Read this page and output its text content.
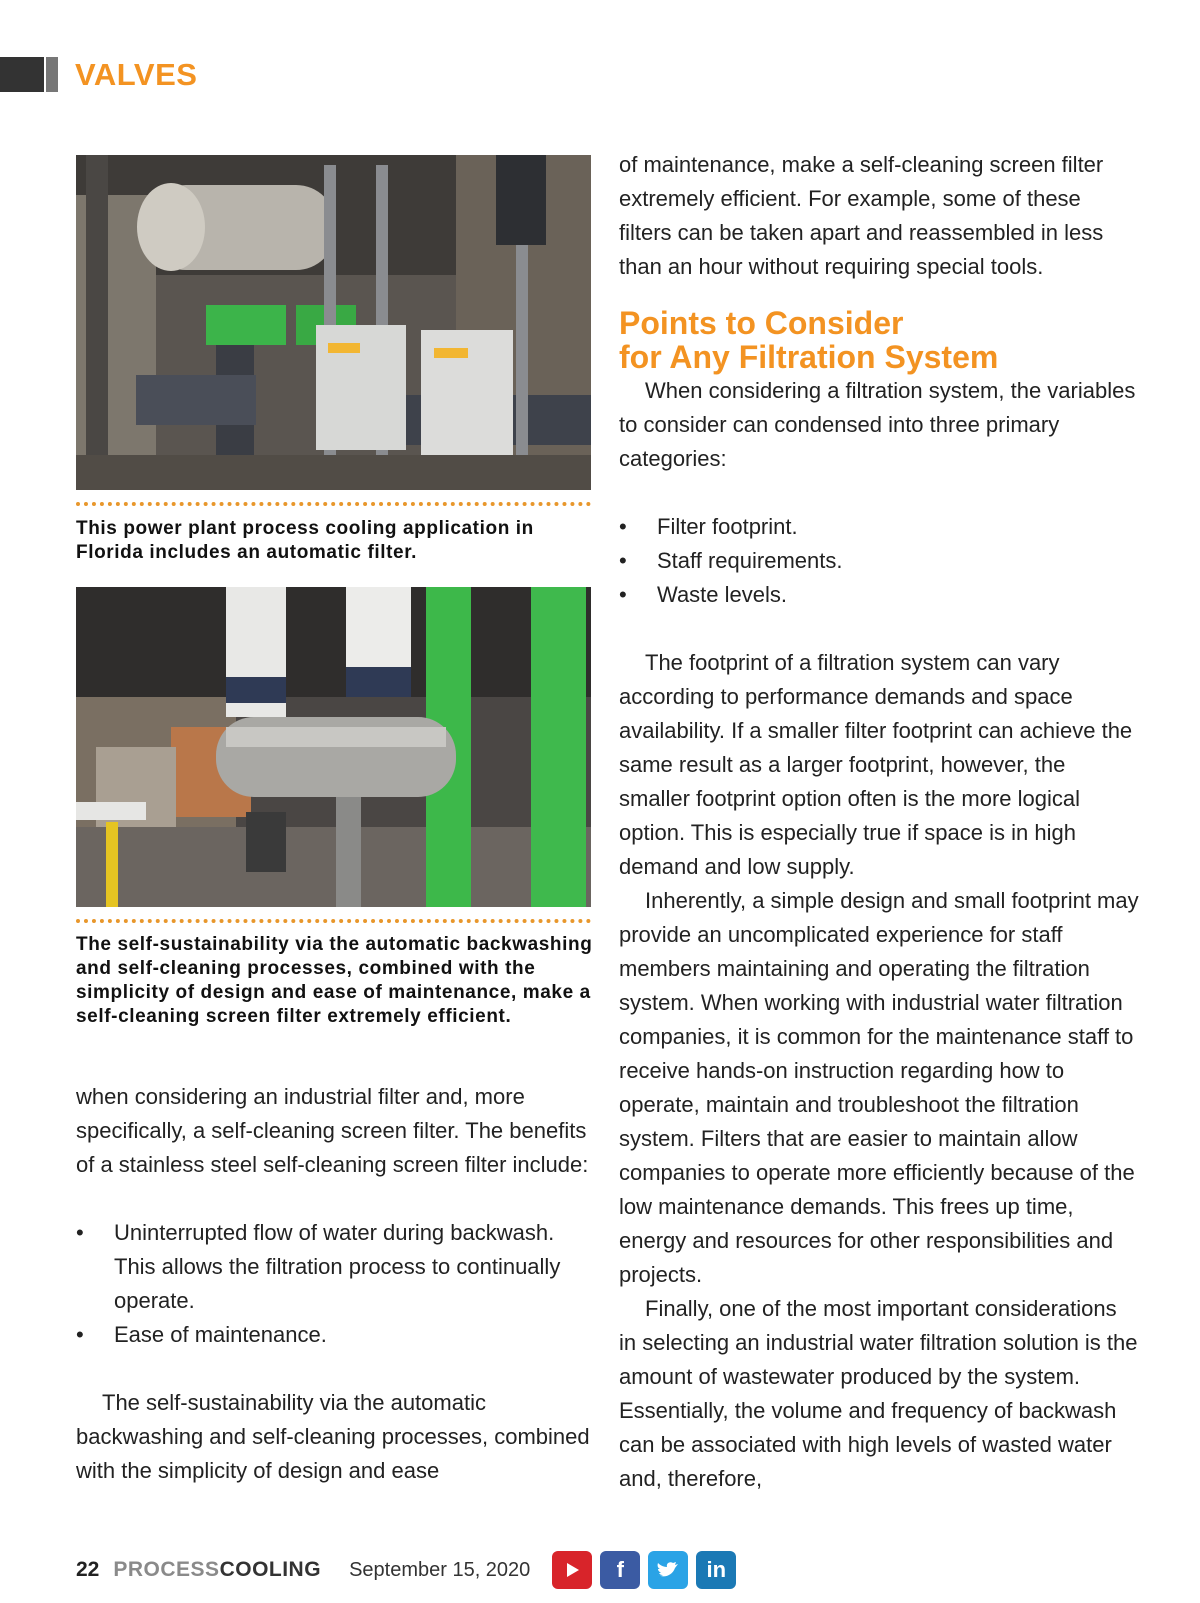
VALVES
This power plant process cooling application in Florida includes an automatic filter.
The self-sustainability via the automatic backwashing and self-cleaning processes, combined with the simplicity of design and ease of maintenance, make a self-cleaning screen filter extremely efficient.

when considering an industrial filter and, more specifically, a self-cleaning screen filter. The benefits of a stainless steel self-cleaning screen filter include:

• Uninterrupted flow of water during backwash. This allows the filtration process to continually operate.
• Ease of maintenance.

The self-sustainability via the automatic backwashing and self-cleaning processes, combined with the simplicity of design and ease

of maintenance, make a self-cleaning screen filter extremely efficient. For example, some of these filters can be taken apart and reassembled in less than an hour without requiring special tools.

Points to Consider
for Any Filtration System

When considering a filtration system, the variables to consider can condensed into three primary categories:

• Filter footprint.
• Staff requirements.
• Waste levels.

The footprint of a filtration system can vary according to performance demands and space availability. If a smaller filter footprint can achieve the same result as a larger footprint, however, the smaller footprint option often is the more logical option. This is especially true if space is in high demand and low supply.

Inherently, a simple design and small footprint may provide an uncomplicated experience for staff members maintaining and operating the filtration system. When working with industrial water filtration companies, it is common for the maintenance staff to receive hands-on instruction regarding how to operate, maintain and troubleshoot the filtration system. Filters that are easier to maintain allow companies to operate more efficiently because of the low maintenance demands. This frees up time, energy and resources for other responsibilities and projects.

Finally, one of the most important considerations in selecting an industrial water filtration solution is the amount of wastewater produced by the system. Essentially, the volume and frequency of backwash can be associated with high levels of wasted water and, therefore,

22 PROCESS COOLING September 15, 2020	f	in
